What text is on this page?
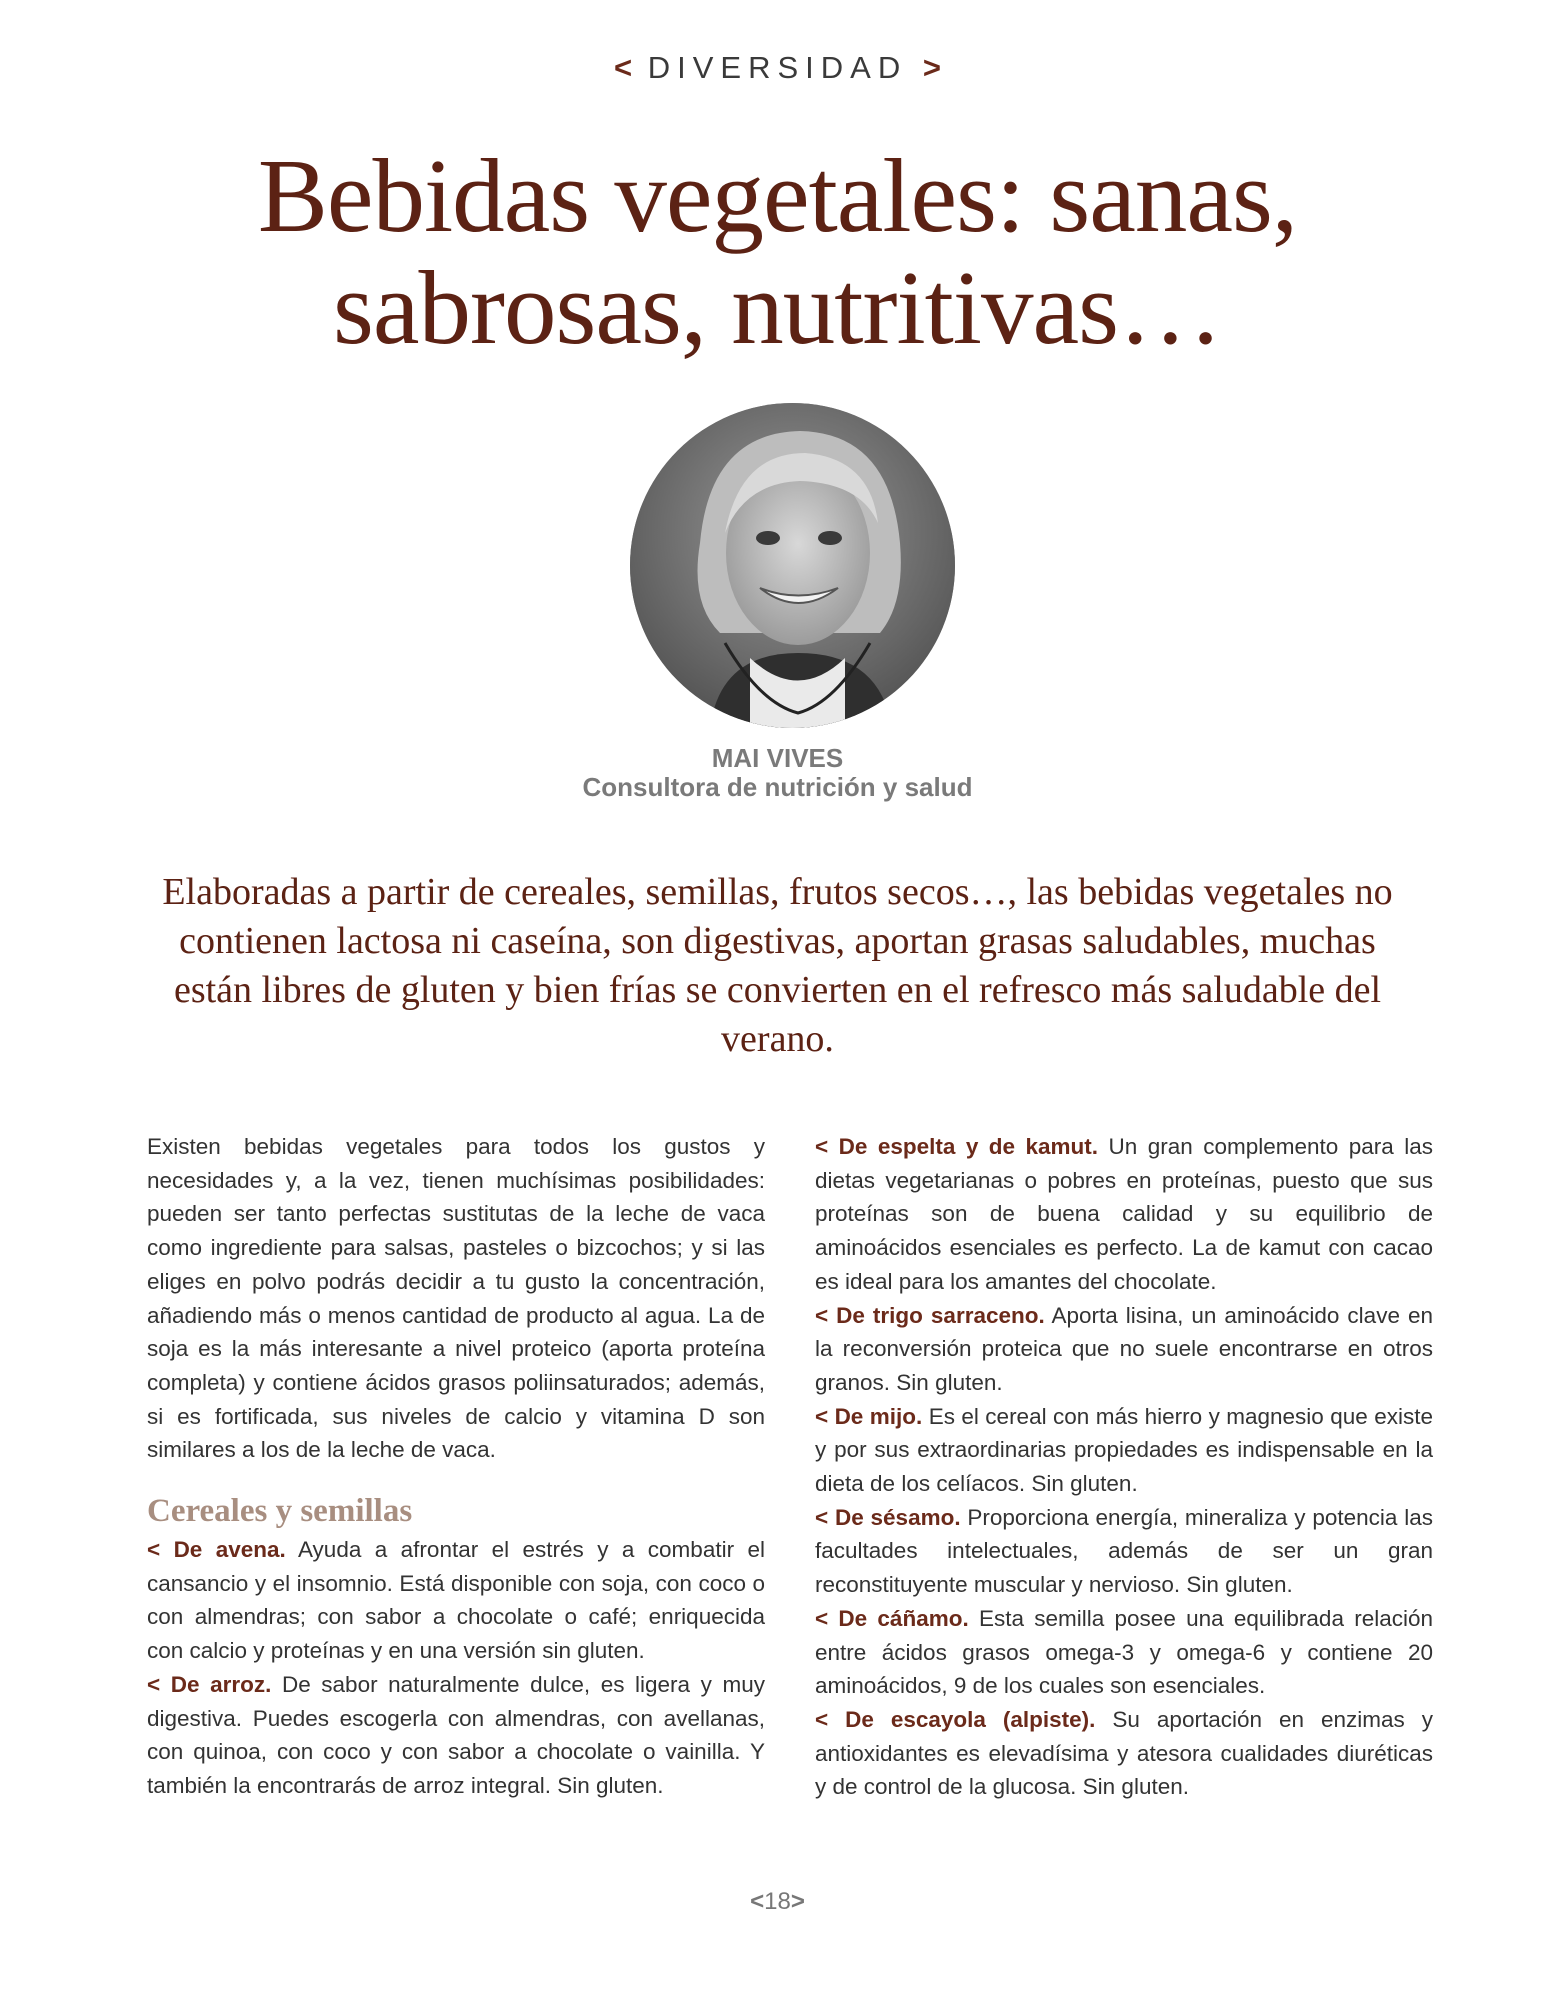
< DIVERSIDAD >
Bebidas vegetales: sanas, sabrosas, nutritivas…
MAI VIVES
Consultora de nutrición y salud

Elaboradas a partir de cereales, semillas, frutos secos…, las bebidas vegetales no contienen lactosa ni caseína, son digestivas, aportan grasas saludables, muchas están libres de gluten y bien frías se convierten en el refresco más saludable del verano.

Existen bebidas vegetales para todos los gustos y necesidades y, a la vez, tienen muchísimas posibilidades: pueden ser tanto perfectas sustitutas de la leche de vaca como ingrediente para salsas, pasteles o bizcochos; y si las eliges en polvo podrás decidir a tu gusto la concentración, añadiendo más o menos cantidad de producto al agua. La de soja es la más interesante a nivel proteico (aporta proteína completa) y contiene ácidos grasos poliinsaturados; además, si es fortificada, sus niveles de calcio y vitamina D son similares a los de la leche de vaca.

Cereales y semillas

< De avena. Ayuda a afrontar el estrés y a combatir el cansancio y el insomnio. Está disponible con soja, con coco o con almendras; con sabor a chocolate o café; enriquecida con calcio y proteínas y en una versión sin gluten.

< De arroz. De sabor naturalmente dulce, es ligera y muy digestiva. Puedes escogerla con almendras, con avellanas, con quinoa, con coco y con sabor a chocolate o vainilla. Y también la encontrarás de arroz integral. Sin gluten.

< De espelta y de kamut. Un gran complemento para las dietas vegetarianas o pobres en proteínas, puesto que sus proteínas son de buena calidad y su equilibrio de aminoácidos esenciales es perfecto. La de kamut con cacao es ideal para los amantes del chocolate.

< De trigo sarraceno. Aporta lisina, un aminoácido clave en la reconversión proteica que no suele encontrarse en otros granos. Sin gluten.

< De mijo. Es el cereal con más hierro y magnesio que existe y por sus extraordinarias propiedades es indispensable en la dieta de los celíacos. Sin gluten.

< De sésamo. Proporciona energía, mineraliza y potencia las facultades intelectuales, además de ser un gran reconstituyente muscular y nervioso. Sin gluten.

< De cáñamo. Esta semilla posee una equilibrada relación entre ácidos grasos omega-3 y omega-6 y contiene 20 aminoácidos, 9 de los cuales son esenciales.

< De escayola (alpiste). Su aportación en enzimas y antioxidantes es elevadísima y atesora cualidades diuréticas y de control de la glucosa. Sin gluten.

<18>
